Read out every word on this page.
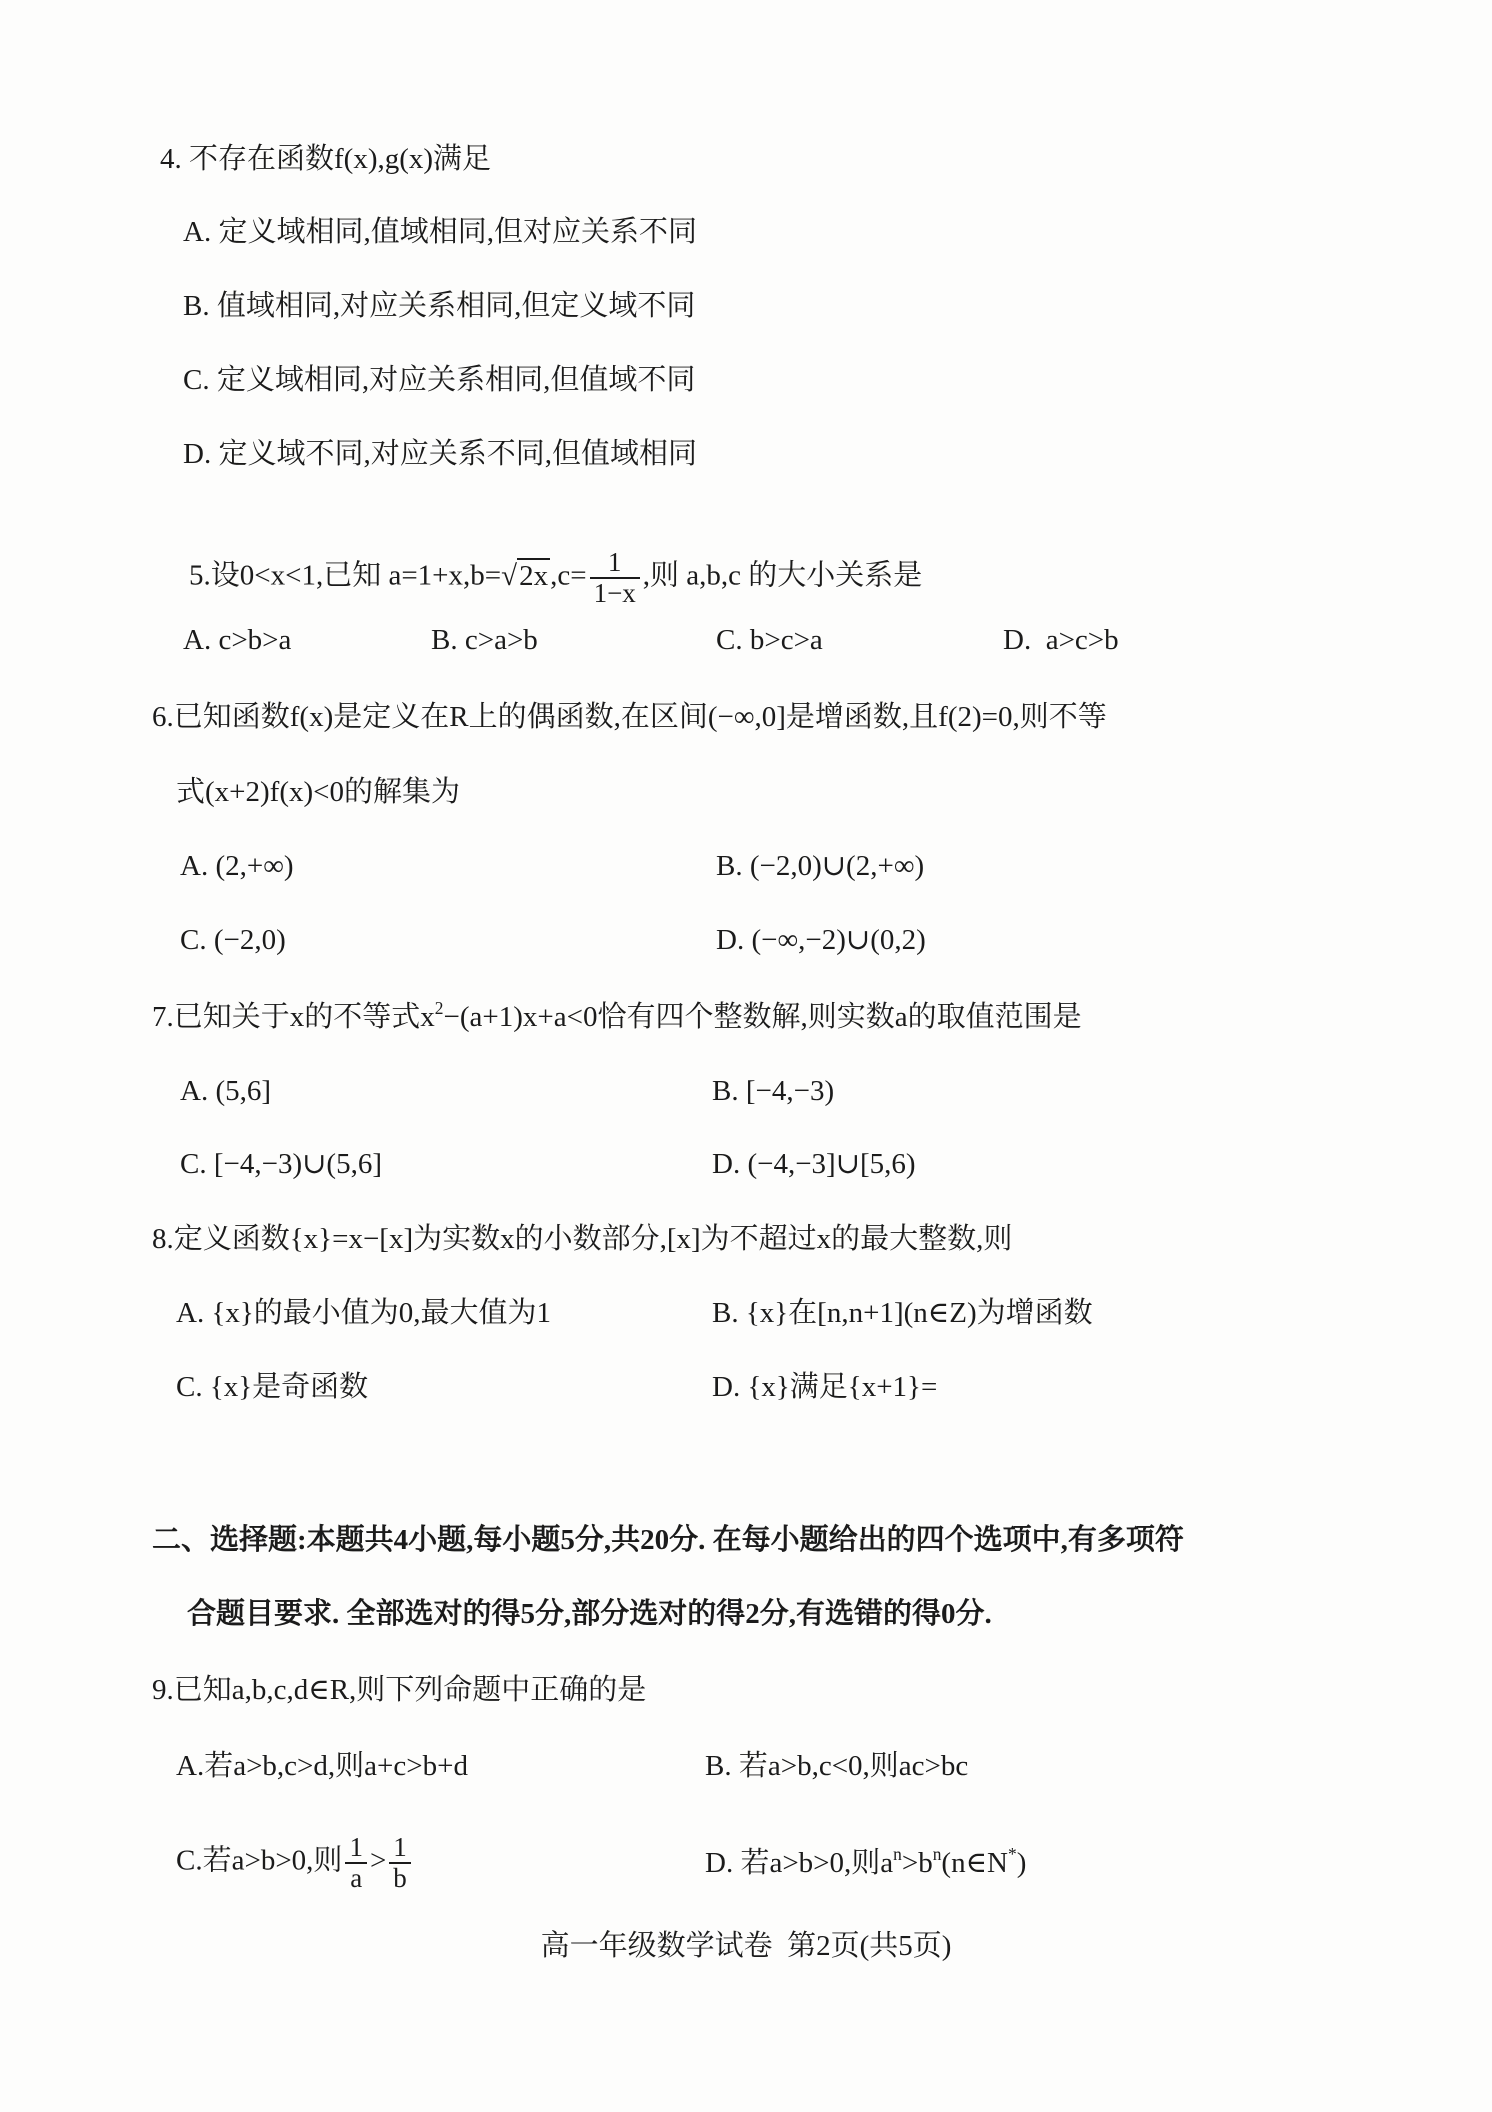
4. 不存在函数f(x),g(x)满足
A. 定义域相同,值域相同,但对应关系不同
B. 值域相同,对应关系相同,但定义域不同
C. 定义域相同,对应关系相同,但值域不同
D. 定义域不同,对应关系不同,但值域相同

5.设0<x<1,已知 $a=1+x,b=√2x,c= \frac{1}{1-x}$ ,则 a,b,c 的大小关系是

A. c>b>a	B. c>a>b	C. b>c>a	D.  a>c>b
6.已知函数f(x)是定义在R上的偶函数,在区间(−∞,0]是增函数,且f(2)=0,则不等
式(x+2)f(x)<0的解集为
A. (2,+∞)	B. (−2,0)∪(2,+∞)
C. (−2,0)	D. (−∞,−2)∪(0,2)
7.已知关于x的不等式$x^2-(a+1)x+a<0$恰有四个整数解,则实数a的取值范围是
A. (5,6]	B. [−4,−3)
C. [−4,−3)∪(5,6]	D. (−4,−3]∪[5,6)
8.定义函数{x}=x−[x]为实数x的小数部分,[x]为不超过x的最大整数,则
A. {x}的最小值为0,最大值为1	B. {x}在[n,n+1](n∈Z)为增函数
C. {x}是奇函数	D. {x}满足{x+1}=
二、选择题:本题共4小题,每小题5分,共20分. 在每小题给出的四个选项中,有多项符
合题目要求. 全部选对的得5分,部分选对的得2分,有选错的得0分.
9.已知a,b,c,d∈R,则下列命题中正确的是
A.若a>b,c>d,则a+c>b+d	B. 若a>b,c<0,则ac>bc
C.若a>b>0,则 $\frac{1}{a} > \frac{1}{b}$	D. 若a>b>0,则$a^n>b^n(n\in N^*)$
高一年级数学试卷  第2页(共5页)
